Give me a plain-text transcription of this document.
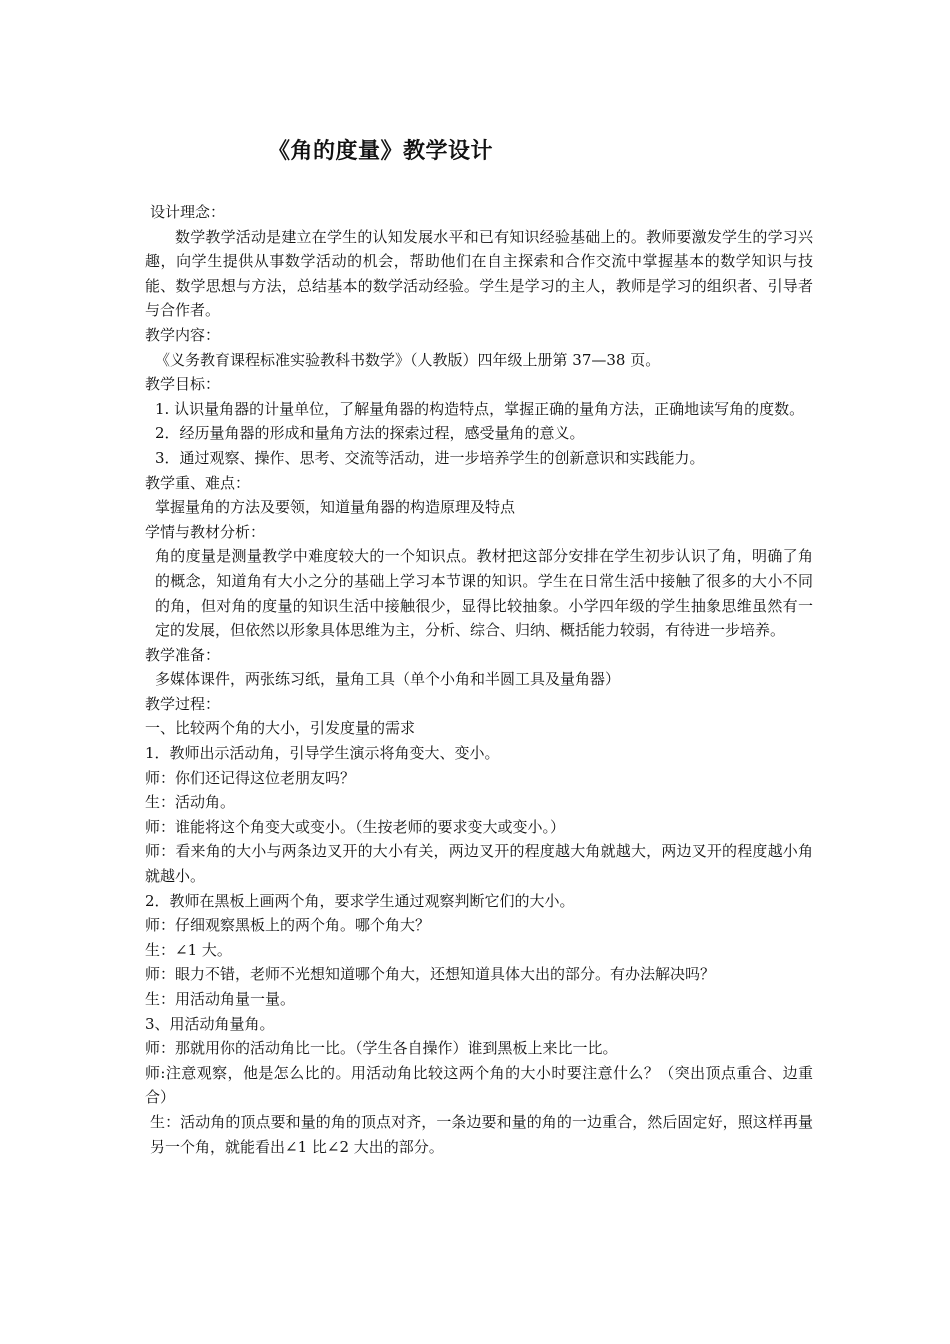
《角的度量》教学设计

设计理念：

数学教学活动是建立在学生的认知发展水平和已有知识经验基础上的。教师要激发学生的学习兴趣，向学生提供从事数学活动的机会，帮助他们在自主探索和合作交流中掌握基本的数学知识与技能、数学思想与方法，总结基本的数学活动经验。学生是学习的主人，教师是学习的组织者、引导者与合作者。

教学内容：

《义务教育课程标准实验教科书数学》（人教版）四年级上册第 37—38 页。

教学目标：

1. 认识量角器的计量单位，了解量角器的构造特点，掌握正确的量角方法，正确地读写角的度数。

2．经历量角器的形成和量角方法的探索过程，感受量角的意义。

3．通过观察、操作、思考、交流等活动，进一步培养学生的创新意识和实践能力。

教学重、难点：

掌握量角的方法及要领，知道量角器的构造原理及特点

学情与教材分析：

角的度量是测量教学中难度较大的一个知识点。教材把这部分安排在学生初步认识了角，明确了角的概念，知道角有大小之分的基础上学习本节课的知识。学生在日常生活中接触了很多的大小不同的角，但对角的度量的知识生活中接触很少，显得比较抽象。小学四年级的学生抽象思维虽然有一定的发展，但依然以形象具体思维为主，分析、综合、归纳、概括能力较弱，有待进一步培养。

教学准备：

多媒体课件，两张练习纸，量角工具（单个小角和半圆工具及量角器）

教学过程：

一、比较两个角的大小，引发度量的需求

1．教师出示活动角，引导学生演示将角变大、变小。

师：你们还记得这位老朋友吗？

生：活动角。

师：谁能将这个角变大或变小。（生按老师的要求变大或变小。）

师：看来角的大小与两条边叉开的大小有关，两边叉开的程度越大角就越大，两边叉开的程度越小角就越小。

2．教师在黑板上画两个角，要求学生通过观察判断它们的大小。

师：仔细观察黑板上的两个角。哪个角大？

生：∠1 大。

师：眼力不错，老师不光想知道哪个角大，还想知道具体大出的部分。有办法解决吗？

生：用活动角量一量。

3、用活动角量角。

师：那就用你的活动角比一比。（学生各自操作）谁到黑板上来比一比。

师:注意观察，他是怎么比的。用活动角比较这两个角的大小时要注意什么？（突出顶点重合、边重合）

生：活动角的顶点要和量的角的顶点对齐，一条边要和量的角的一边重合，然后固定好，照这样再量另一个角，就能看出∠1 比∠2 大出的部分。
